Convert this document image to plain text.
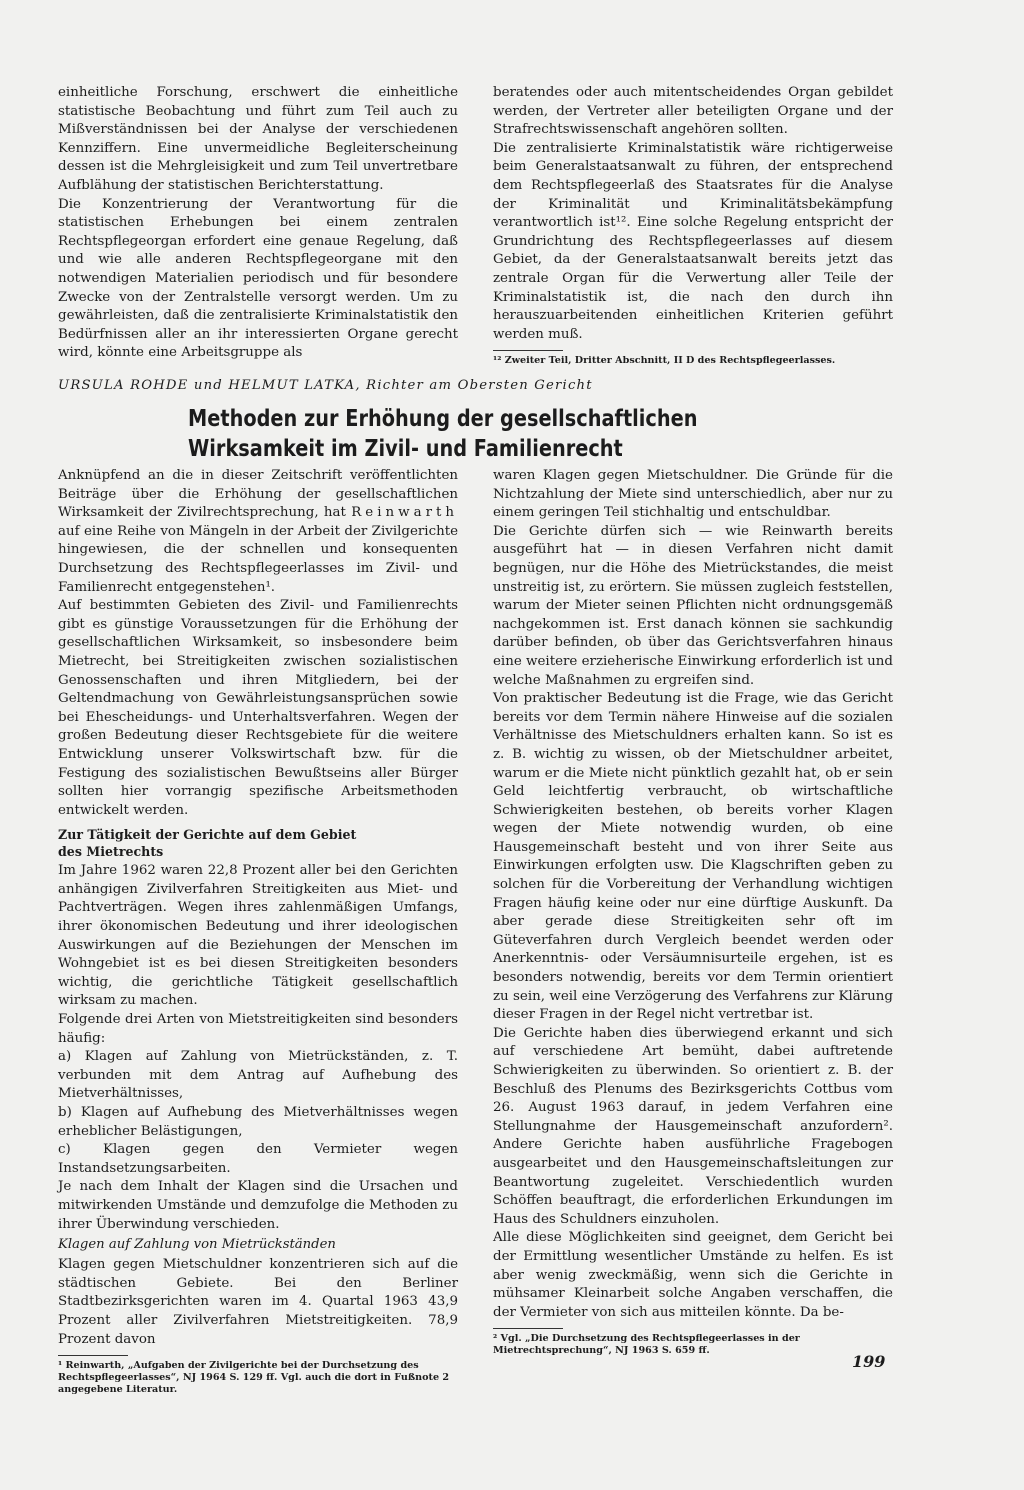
einheitliche Forschung, erschwert die einheitliche statistische Beobachtung und führt zum Teil auch zu Mißverständnissen bei der Analyse der verschiedenen Kennziffern. Eine unvermeidliche Begleiterscheinung dessen ist die Mehrgleisigkeit und zum Teil unvertretbare Aufblähung der statistischen Berichterstattung.

Die Konzentrierung der Verantwortung für die statistischen Erhebungen bei einem zentralen Rechtspflegeorgan erfordert eine genaue Regelung, daß und wie alle anderen Rechtspflegeorgane mit den notwendigen Materialien periodisch und für besondere Zwecke von der Zentralstelle versorgt werden. Um zu gewährleisten, daß die zentralisierte Kriminalstatistik den Bedürfnissen aller an ihr interessierten Organe gerecht wird, könnte eine Arbeitsgruppe als

beratendes oder auch mitentscheidendes Organ gebildet werden, der Vertreter aller beteiligten Organe und der Strafrechtswissenschaft angehören sollten.

Die zentralisierte Kriminalstatistik wäre richtigerweise beim Generalstaatsanwalt zu führen, der entsprechend dem Rechtspflegeerlaß des Staatsrates für die Analyse der Kriminalität und Kriminalitätsbekämpfung verantwortlich ist¹². Eine solche Regelung entspricht der Grundrichtung des Rechtspflegeerlasses auf diesem Gebiet, da der Generalstaatsanwalt bereits jetzt das zentrale Organ für die Verwertung aller Teile der Kriminalstatistik ist, die nach den durch ihn herauszuarbeitenden einheitlichen Kriterien geführt werden muß.

¹² Zweiter Teil, Dritter Abschnitt, II D des Rechtspflegeerlasses.

URSULA ROHDE und HELMUT LATKA, Richter am Obersten Gericht
Methoden zur Erhöhung der gesellschaftlichen
Wirksamkeit im Zivil- und Familienrecht

Anknüpfend an die in dieser Zeitschrift veröffentlichten Beiträge über die Erhöhung der gesellschaftlichen Wirksamkeit der Zivilrechtsprechung, hat Reinwarth auf eine Reihe von Mängeln in der Arbeit der Zivilgerichte hingewiesen, die der schnellen und konsequenten Durchsetzung des Rechtspflegeerlasses im Zivil- und Familienrecht entgegenstehen¹.

Auf bestimmten Gebieten des Zivil- und Familienrechts gibt es günstige Voraussetzungen für die Erhöhung der gesellschaftlichen Wirksamkeit, so insbesondere beim Mietrecht, bei Streitigkeiten zwischen sozialistischen Genossenschaften und ihren Mitgliedern, bei der Geltendmachung von Gewährleistungsansprüchen sowie bei Ehescheidungs- und Unterhaltsverfahren. Wegen der großen Bedeutung dieser Rechtsgebiete für die weitere Entwicklung unserer Volkswirtschaft bzw. für die Festigung des sozialistischen Bewußtseins aller Bürger sollten hier vorrangig spezifische Arbeitsmethoden entwickelt werden.

Zur Tätigkeit der Gerichte auf dem Gebiet
des Mietrechts

Im Jahre 1962 waren 22,8 Prozent aller bei den Gerichten anhängigen Zivilverfahren Streitigkeiten aus Miet- und Pachtverträgen. Wegen ihres zahlenmäßigen Umfangs, ihrer ökonomischen Bedeutung und ihrer ideologischen Auswirkungen auf die Beziehungen der Menschen im Wohngebiet ist es bei diesen Streitigkeiten besonders wichtig, die gerichtliche Tätigkeit gesellschaftlich wirksam zu machen.

Folgende drei Arten von Mietstreitigkeiten sind besonders häufig:

a) Klagen auf Zahlung von Mietrückständen, z. T. verbunden mit dem Antrag auf Aufhebung des Mietverhältnisses,

b) Klagen auf Aufhebung des Mietverhältnisses wegen erheblicher Belästigungen,

c) Klagen gegen den Vermieter wegen Instandsetzungsarbeiten.

Je nach dem Inhalt der Klagen sind die Ursachen und mitwirkenden Umstände und demzufolge die Methoden zu ihrer Überwindung verschieden.

Klagen auf Zahlung von Mietrückständen

Klagen gegen Mietschuldner konzentrieren sich auf die städtischen Gebiete. Bei den Berliner Stadtbezirksgerichten waren im 4. Quartal 1963 43,9 Prozent aller Zivilverfahren Mietstreitigkeiten. 78,9 Prozent davon

¹ Reinwarth, „Aufgaben der Zivilgerichte bei der Durchsetzung des Rechtspflegeerlasses“, NJ 1964 S. 129 ff. Vgl. auch die dort in Fußnote 2 angegebene Literatur.

waren Klagen gegen Mietschuldner. Die Gründe für die Nichtzahlung der Miete sind unterschiedlich, aber nur zu einem geringen Teil stichhaltig und entschuldbar.

Die Gerichte dürfen sich — wie Reinwarth bereits ausgeführt hat — in diesen Verfahren nicht damit begnügen, nur die Höhe des Mietrückstandes, die meist unstreitig ist, zu erörtern. Sie müssen zugleich feststellen, warum der Mieter seinen Pflichten nicht ordnungsgemäß nachgekommen ist. Erst danach können sie sachkundig darüber befinden, ob über das Gerichtsverfahren hinaus eine weitere erzieherische Einwirkung erforderlich ist und welche Maßnahmen zu ergreifen sind.

Von praktischer Bedeutung ist die Frage, wie das Gericht bereits vor dem Termin nähere Hinweise auf die sozialen Verhältnisse des Mietschuldners erhalten kann. So ist es z. B. wichtig zu wissen, ob der Mietschuldner arbeitet, warum er die Miete nicht pünktlich gezahlt hat, ob er sein Geld leichtfertig verbraucht, ob wirtschaftliche Schwierigkeiten bestehen, ob bereits vorher Klagen wegen der Miete notwendig wurden, ob eine Hausgemeinschaft besteht und von ihrer Seite aus Einwirkungen erfolgten usw. Die Klagschriften geben zu solchen für die Vorbereitung der Verhandlung wichtigen Fragen häufig keine oder nur eine dürftige Auskunft. Da aber gerade diese Streitigkeiten sehr oft im Güteverfahren durch Vergleich beendet werden oder Anerkenntnis- oder Versäumnisurteile ergehen, ist es besonders notwendig, bereits vor dem Termin orientiert zu sein, weil eine Verzögerung des Verfahrens zur Klärung dieser Fragen in der Regel nicht vertretbar ist.

Die Gerichte haben dies überwiegend erkannt und sich auf verschiedene Art bemüht, dabei auftretende Schwierigkeiten zu überwinden. So orientiert z. B. der Beschluß des Plenums des Bezirksgerichts Cottbus vom 26. August 1963 darauf, in jedem Verfahren eine Stellungnahme der Hausgemeinschaft anzufordern². Andere Gerichte haben ausführliche Fragebogen ausgearbeitet und den Hausgemeinschaftsleitungen zur Beantwortung zugeleitet. Verschiedentlich wurden Schöffen beauftragt, die erforderlichen Erkundungen im Haus des Schuldners einzuholen.

Alle diese Möglichkeiten sind geeignet, dem Gericht bei der Ermittlung wesentlicher Umstände zu helfen. Es ist aber wenig zweckmäßig, wenn sich die Gerichte in mühsamer Kleinarbeit solche Angaben verschaffen, die der Vermieter von sich aus mitteilen könnte. Da be-

² Vgl. „Die Durchsetzung des Rechtspflegeerlasses in der Mietrechtsprechung“, NJ 1963 S. 659 ff.

199
